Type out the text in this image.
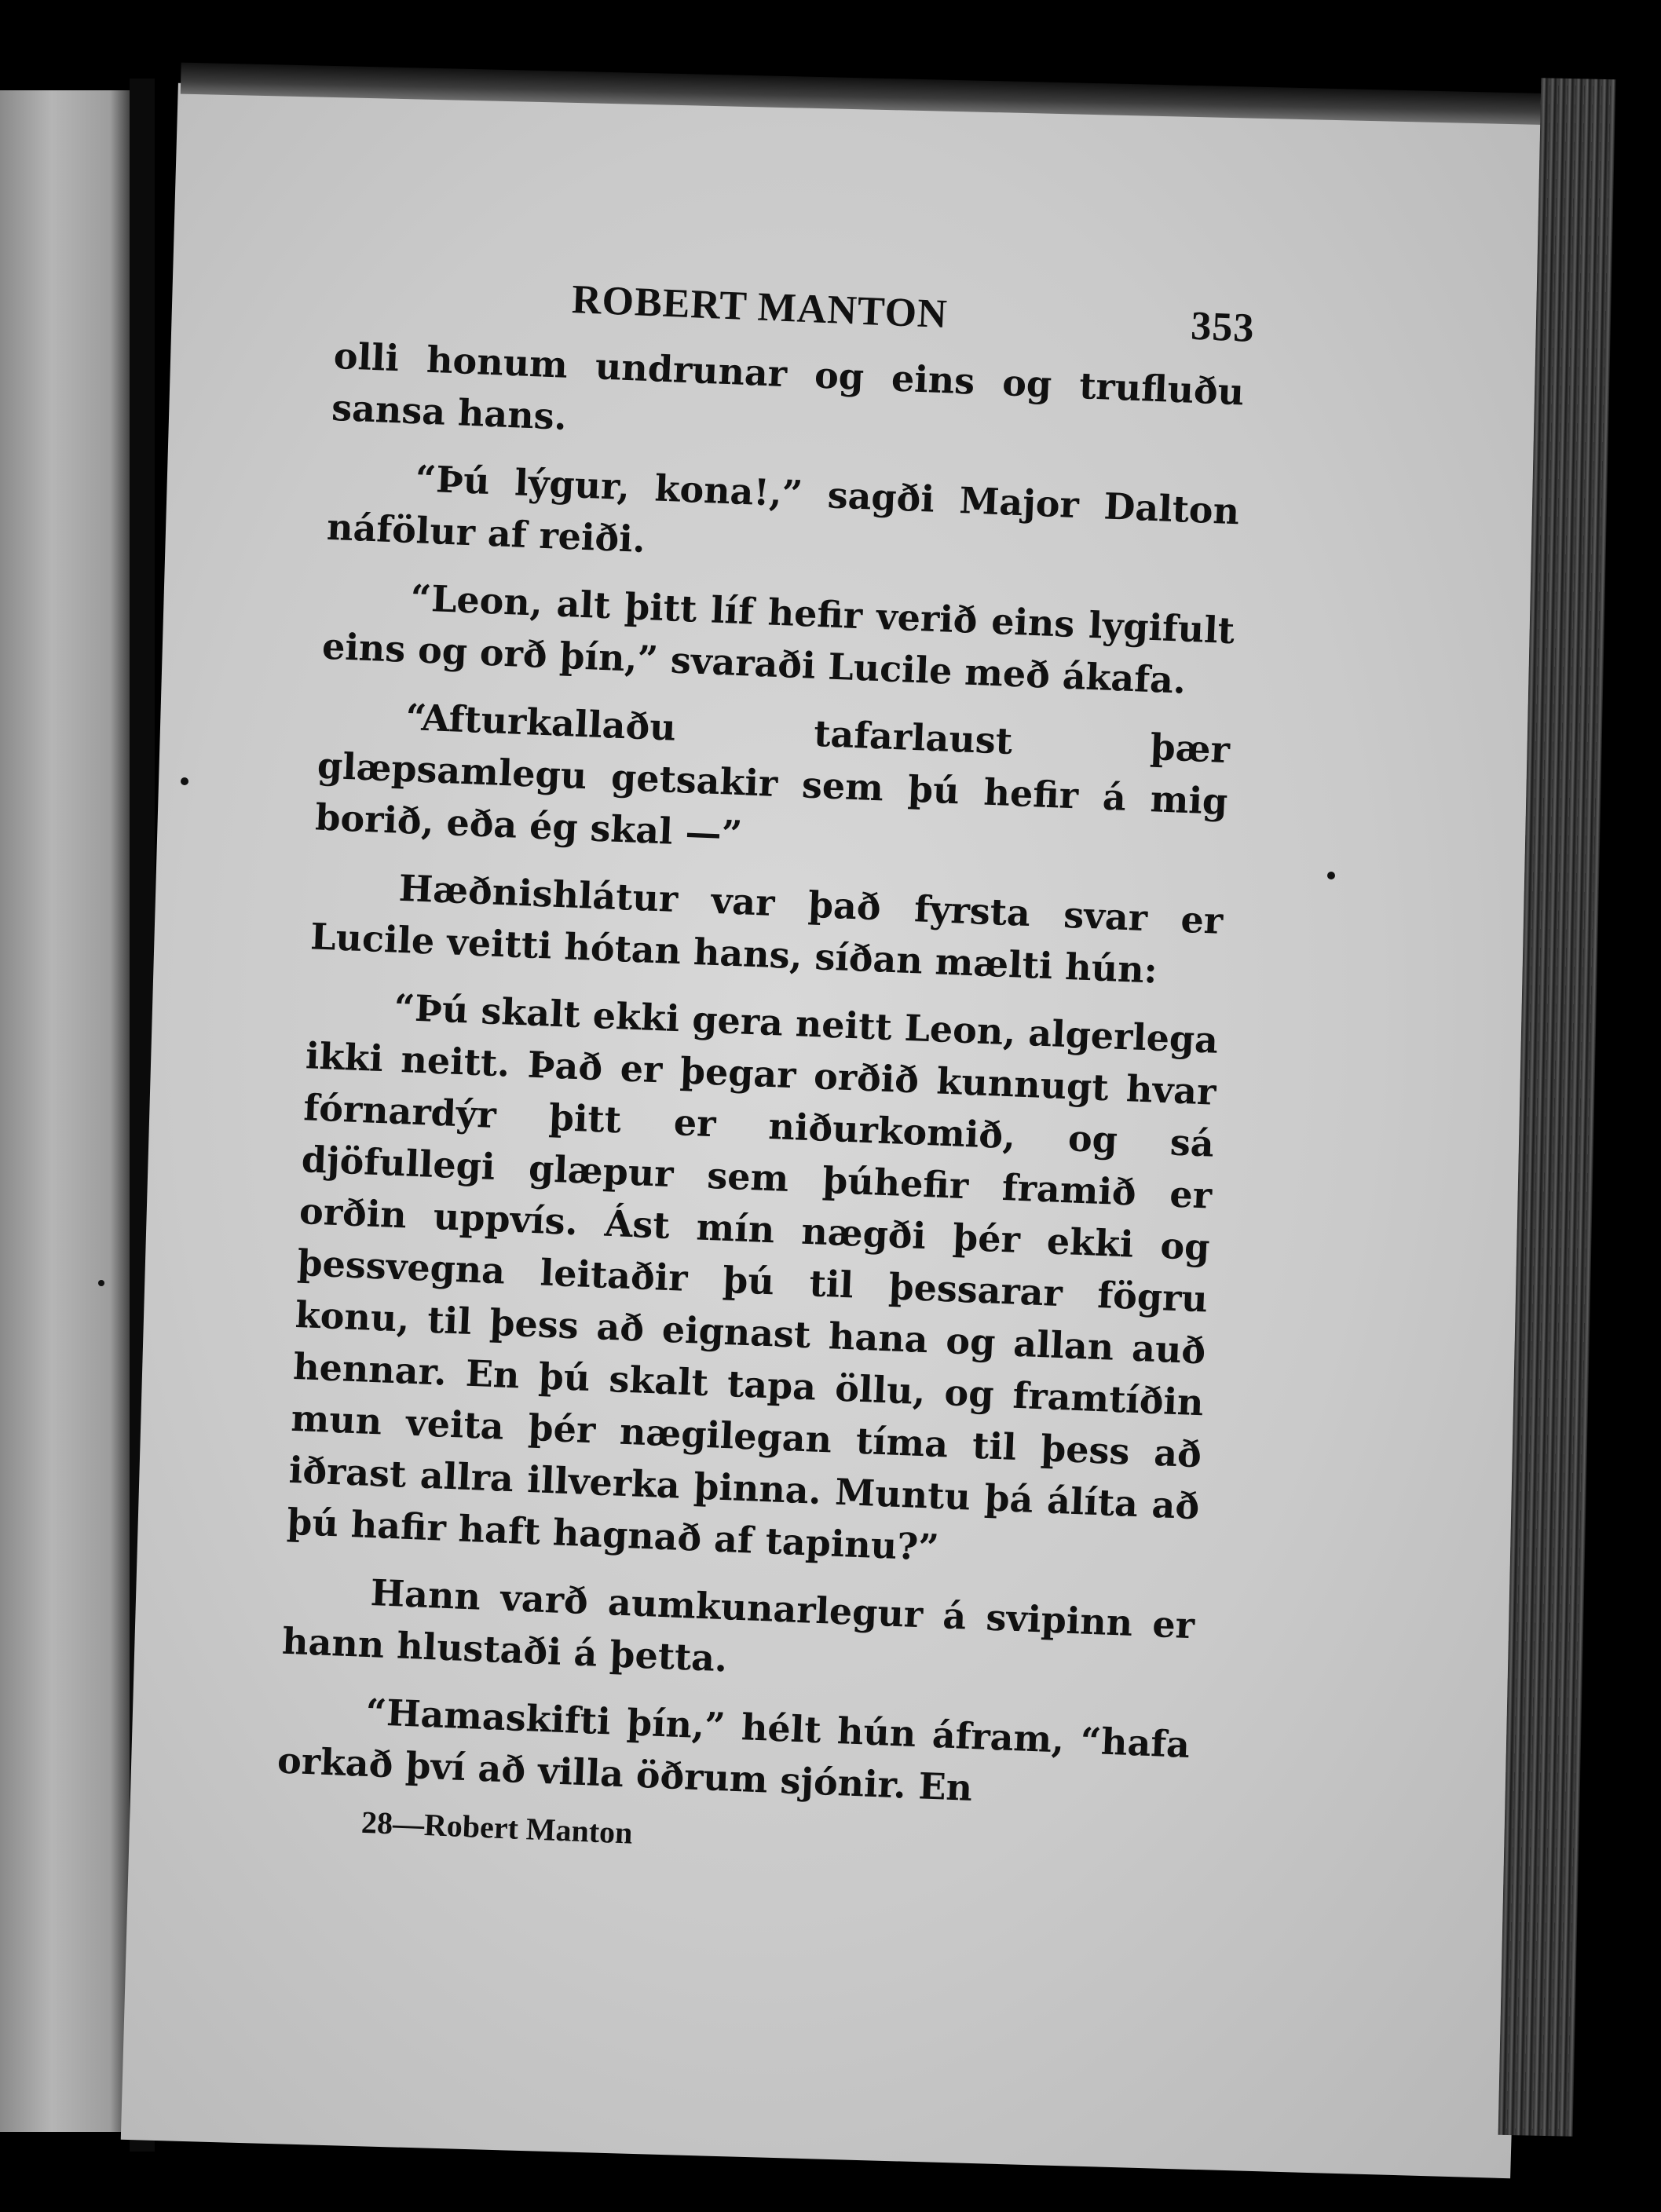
ROBERT MANTON	353

olli honum undrunar og eins og trufluðu sansa hans.

“Þú lýgur, kona!,” sagði Major Dalton náfölur af reiði.

“Leon, alt þitt líf hefir verið eins lygifult eins og orð þín,” svaraði Lucile með ákafa.

“Afturkallaðu tafarlaust þær glæpsamlegu getsakir sem þú hefir á mig borið, eða ég skal —”

Hæðnishlátur var það fyrsta svar er Lucile veitti hótan hans, síðan mælti hún:

“Þú skalt ekki gera neitt Leon, algerlega ikki neitt. Það er þegar orðið kunnugt hvar fórnardýr þitt er niðurkomið, og sá djöfullegi glæpur sem þúhefir framið er orðin uppvís. Ást mín nægði þér ekki og þessvegna leitaðir þú til þessarar fögru konu, til þess að eignast hana og allan auð hennar. En þú skalt tapa öllu, og framtíðin mun veita þér nægilegan tíma til þess að iðrast allra illverka þinna. Muntu þá álíta að þú hafir haft hagnað af tapinu?”

Hann varð aumkunarlegur á svipinn er hann hlustaði á þetta.

“Hamaskifti þín,” hélt hún áfram, “hafa orkað því að villa öðrum sjónir. En

28—Robert Manton
